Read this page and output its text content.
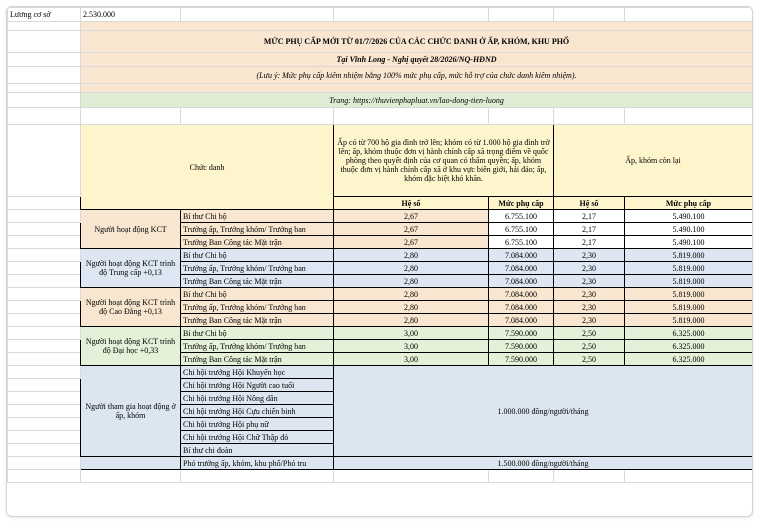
Lương cơ sở	2.530.000					

	MỨC PHỤ CẤP MỚI TỪ 01/7/2026 CỦA CÁC CHỨC DANH Ở ẤP, KHÓM, KHU PHỐ					
	Tại Vĩnh Long - Nghị quyết 28/2026/NQ-HĐND					
	(Lưu ý: Mức phụ cấp kiêm nhiệm bằng 100% mức phụ cấp, mức hỗ trợ của chức danh kiêm nhiệm).					

	Trang: https://thuvienphapluat.vn/lao-dong-tien-luong					

	Chức danh		Ấp có từ 700 hộ gia đình trở lên; khóm có từ 1.000 hộ gia đình trở lên; ấp, khóm thuộc đơn vị hành chính cấp xã trọng điểm về quốc phòng theo quyết định của cơ quan có thẩm quyền; ấp, khóm thuộc đơn vị hành chính cấp xã ở khu vực biên giới, hải đảo; ấp, khóm đặc biệt khó khăn.		Ấp, khóm còn lại	
			Hệ số	Mức phụ cấp	Hệ số	Mức phụ cấp
	Người hoạt động KCT	Bí thư Chi bộ	2,67	6.755.100	2,17	5.490.100
		Trưởng ấp, Trưởng khóm/ Trưởng ban	2,67	6.755.100	2,17	5.490.100
		Trưởng Ban Công tác Mặt trận	2,67	6.755.100	2,17	5.490.100
	Người hoạt động KCT trình độ Trung cấp +0,13	Bí thư Chi bộ	2,80	7.084.000	2,30	5.819.000
		Trưởng ấp, Trưởng khóm/ Trưởng ban	2,80	7.084.000	2,30	5.819.000
		Trưởng Ban Công tác Mặt trận	2,80	7.084.000	2,30	5.819.000
	Người hoạt động KCT trình độ Cao Đẳng +0,13	Bí thư Chi bộ	2,80	7.084.000	2,30	5.819.000
		Trưởng ấp, Trưởng khóm/ Trưởng ban	2,80	7.084.000	2,30	5.819.000
		Trưởng Ban Công tác Mặt trận	2,80	7.084.000	2,30	5.819.000
	Người hoạt động KCT trình độ Đại học +0,33	Bí thư Chi bộ	3,00	7.590.000	2,50	6.325.000
		Trưởng ấp, Trưởng khóm/ Trưởng ban	3,00	7.590.000	2,50	6.325.000
		Trưởng Ban Công tác Mặt trận	3,00	7.590.000	2,50	6.325.000
	Người tham gia hoạt động ở ấp, khóm	Chi hội trưởng Hội Khuyến học	1.000.000 đồng/người/tháng			
		Chi hội trưởng Hội Người cao tuổi				
		Chi hội trưởng Hội Nông dân				
		Chi hội trưởng Hội Cựu chiến binh				
		Chi hội trưởng Hội phụ nữ				
		Chi hội trưởng Hội Chữ Thập đỏ				
		Bí thư chi đoàn				
		Phó trưởng ấp, khóm, khu phố/Phó tru	1.500.000 đồng/người/tháng			
